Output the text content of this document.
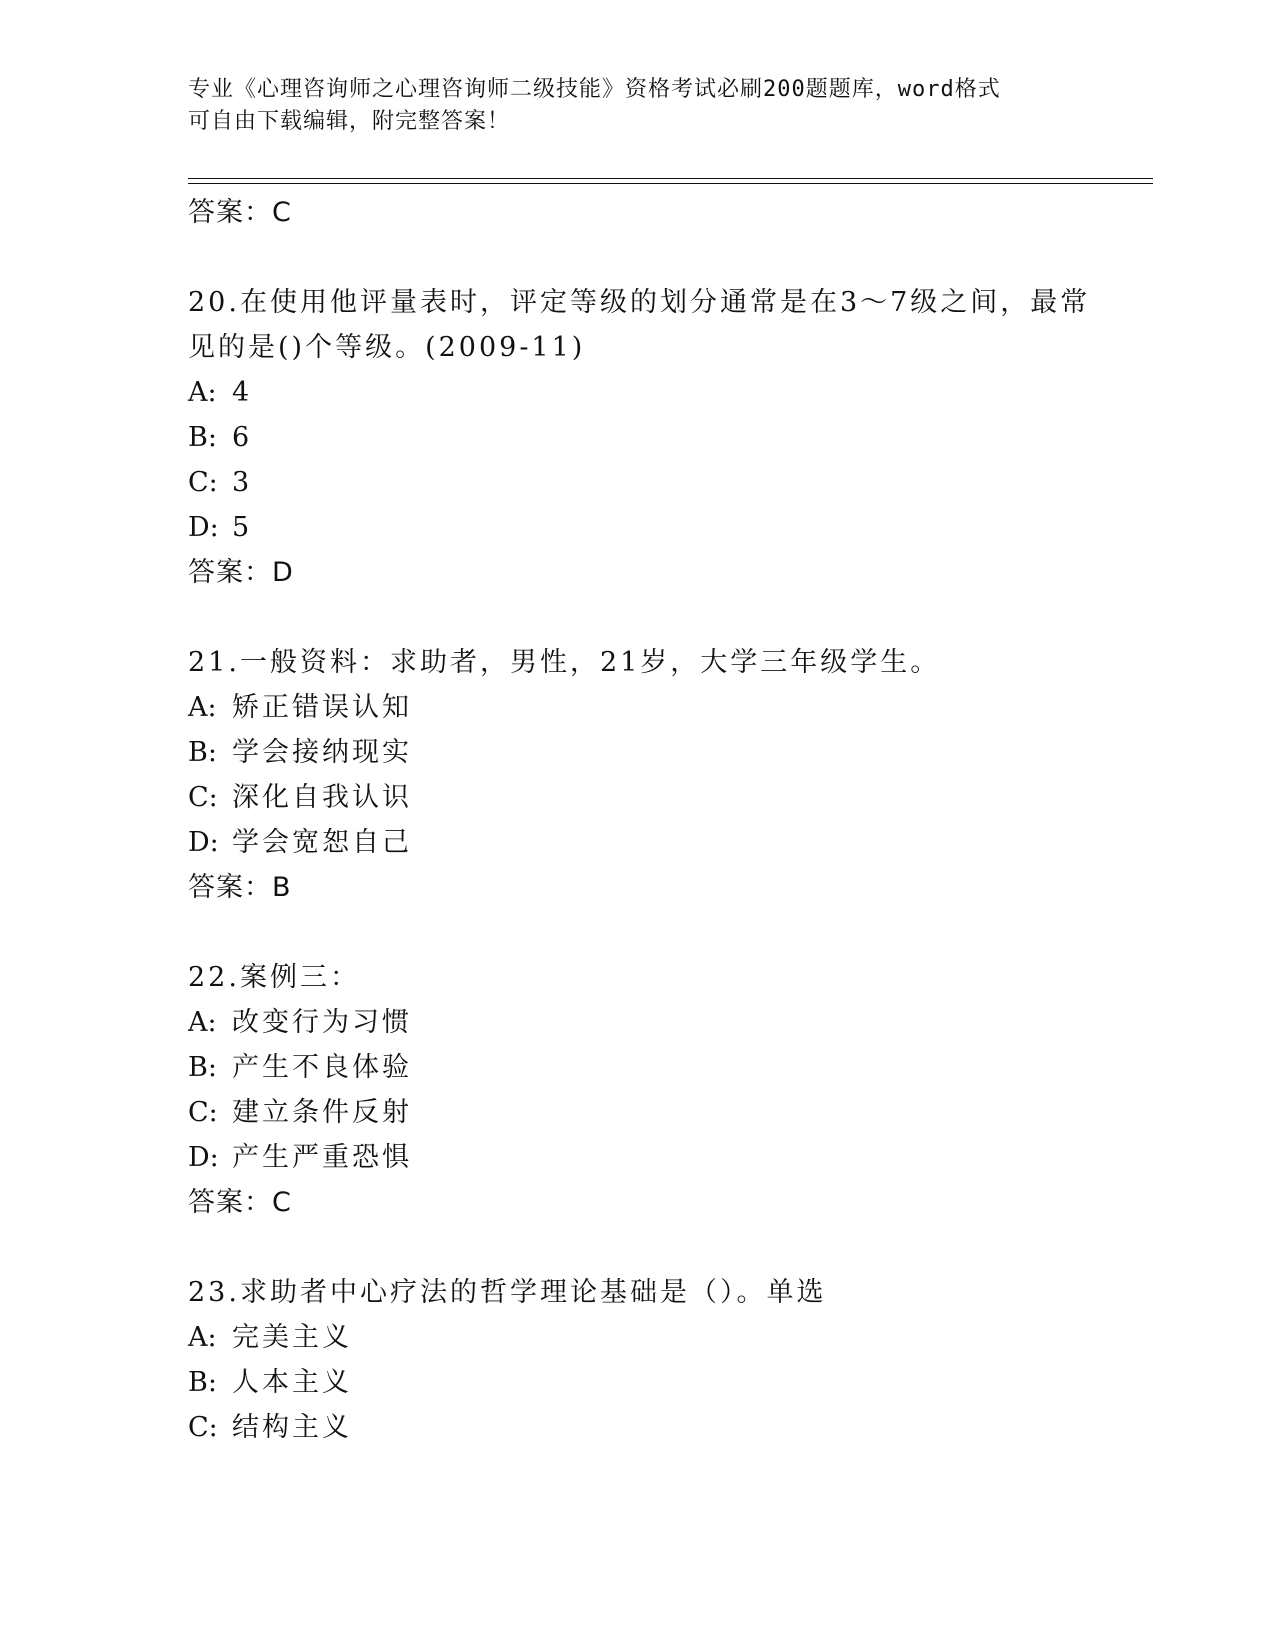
专业《心理咨询师之心理咨询师二级技能》资格考试必刷200题题库，word格式
可自由下载编辑，附完整答案！
答案：C
20.在使用他评量表时，评定等级的划分通常是在3～7级之间，最常
见的是()个等级。(2009-11)
A: 4
B: 6
C: 3
D: 5
答案：D
21.一般资料：求助者，男性，21岁，大学三年级学生。
A: 矫正错误认知
B: 学会接纳现实
C: 深化自我认识
D: 学会宽恕自己
答案：B
22.案例三：
A: 改变行为习惯
B: 产生不良体验
C: 建立条件反射
D: 产生严重恐惧
答案：C
23.求助者中心疗法的哲学理论基础是（）。单选
A: 完美主义
B: 人本主义
C: 结构主义
